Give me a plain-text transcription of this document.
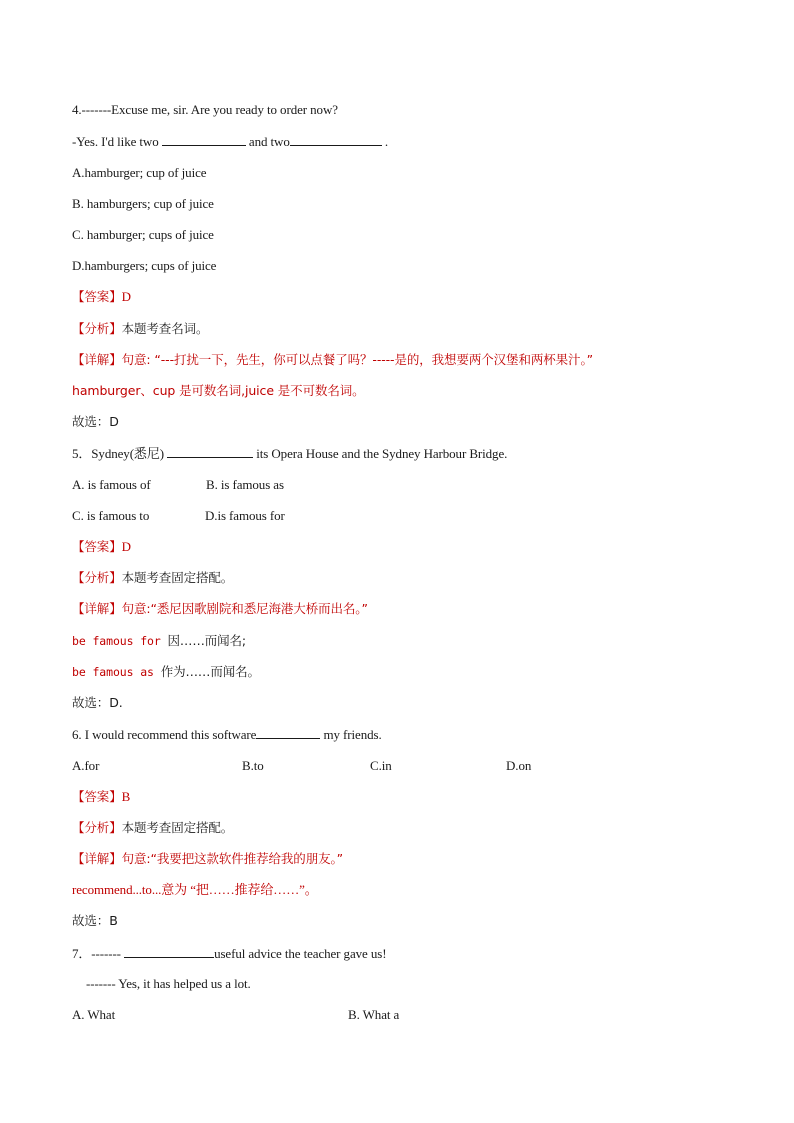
4.-------Excuse me, sir. Are you ready to order now?
-Yes. I'd like two	and two	.
A.hamburger; cup of juice
B. hamburgers; cup of juice
C. hamburger; cups of juice
D.hamburgers; cups of juice
【答案】D
【分析】本题考查名词。
【详解】句意: “---打扰一下，先生，你可以点餐了吗？-----是的，我想要两个汉堡和两杯果汁。”
hamburger、cup 是可数名词,juice 是不可数名词。
故选：D
5．Sydney(悉尼)	its Opera House and the Sydney Harbour Bridge.
A. is famous of	B. is famous as
C. is famous to	D.is famous for
【答案】D
【分析】本题考查固定搭配。
【详解】句意:“悉尼因歌剧院和悉尼海港大桥而出名。”
be famous for 因……而闻名;
be famous as 作为……而闻名。
故选：D.
6. I would recommend this software	my friends.
A.for	B.to	C.in	D.on
【答案】B
【分析】本题考查固定搭配。
【详解】句意:“我要把这款软件推荐给我的朋友。”
recommend...to...意为 “把……推荐给……”。
故选：B
7．-------	useful advice the teacher gave us!
------- Yes, it has helped us a lot.
A. What	B. What a
